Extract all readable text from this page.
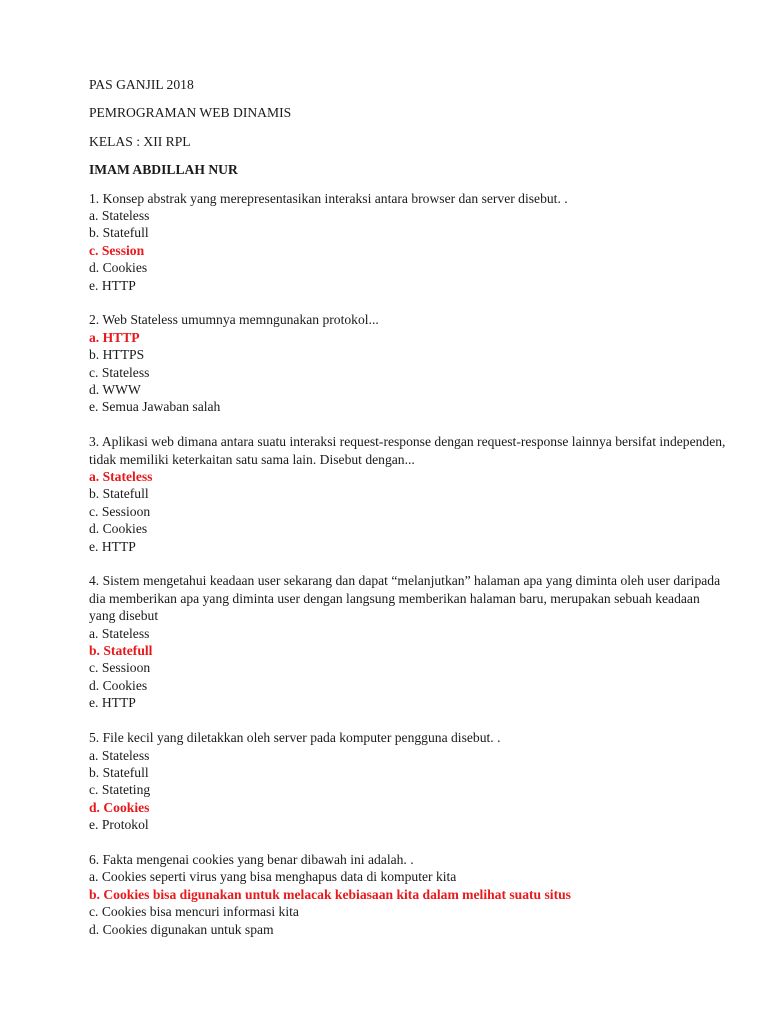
PAS GANJIL 2018

PEMROGRAMAN WEB DINAMIS

KELAS : XII RPL

IMAM ABDILLAH NUR

1. Konsep abstrak yang merepresentasikan interaksi antara browser dan server disebut. .

a. Stateless

b. Statefull

c. Session

d. Cookies

e. HTTP

2. Web Stateless umumnya memngunakan protokol...

a. HTTP

b. HTTPS

c. Stateless

d. WWW

e. Semua Jawaban salah

3. Aplikasi web dimana antara suatu interaksi request-response dengan request-response lainnya bersifat independen, tidak memiliki keterkaitan satu sama lain. Disebut dengan...

a. Stateless

b. Statefull

c. Sessioon

d. Cookies

e. HTTP

4. Sistem mengetahui keadaan user sekarang dan dapat “melanjutkan” halaman apa yang diminta oleh user daripada dia memberikan apa yang diminta user dengan langsung memberikan halaman baru, merupakan sebuah keadaan yang disebut

a. Stateless

b. Statefull

c. Sessioon

d. Cookies

e. HTTP

5. File kecil yang diletakkan oleh server pada komputer pengguna disebut. .

a. Stateless

b. Statefull

c. Stateting

d. Cookies

e. Protokol

6. Fakta mengenai cookies yang benar dibawah ini adalah. .

a. Cookies seperti virus yang bisa menghapus data di komputer kita

b. Cookies bisa digunakan untuk melacak kebiasaan kita dalam melihat suatu situs

c. Cookies bisa mencuri informasi kita

d. Cookies digunakan untuk spam
